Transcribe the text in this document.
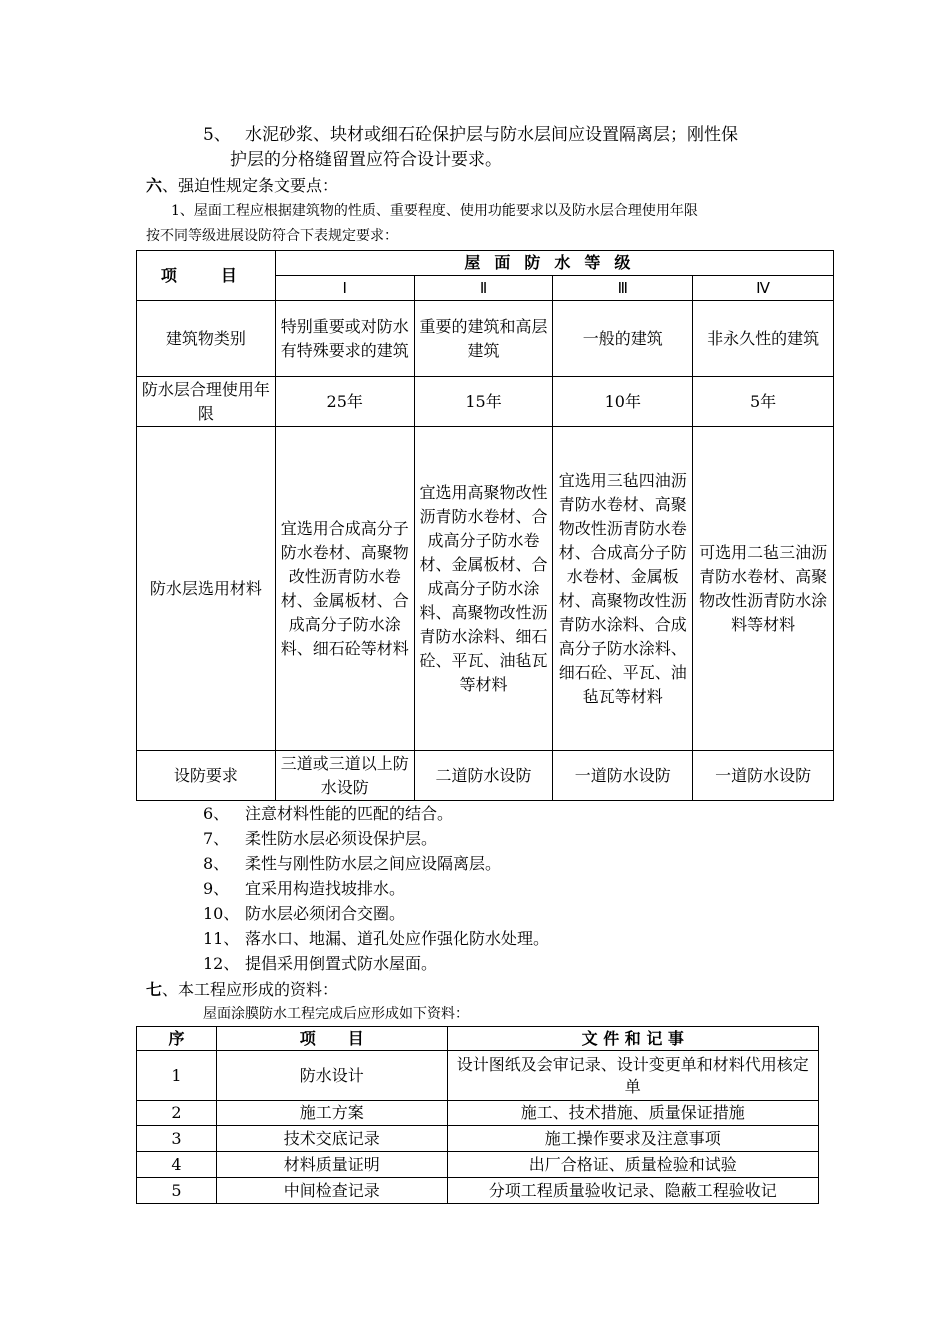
5、 水泥砂浆、块材或细石砼保护层与防水层间应设置隔离层；刚性保
护层的分格缝留置应符合设计要求。
六、强迫性规定条文要点：
1、屋面工程应根据建筑物的性质、重要程度、使用功能要求以及防水层合理使用年限
按不同等级进展设防符合下表规定要求：
项　目	屋面防水等级			
	Ⅰ	Ⅱ	Ⅲ	Ⅳ
建筑物类别	特别重要或对防水有特殊要求的建筑	重要的建筑和高层建筑	一般的建筑	非永久性的建筑
防水层合理使用年限	25年	15年	10年	5年
防水层选用材料	宜选用合成高分子防水卷材、高聚物改性沥青防水卷材、金属板材、合成高分子防水涂料、细石砼等材料	宜选用高聚物改性沥青防水卷材、合成高分子防水卷材、金属板材、合成高分子防水涂料、高聚物改性沥青防水涂料、细石砼、平瓦、油毡瓦等材料	宜选用三毡四油沥青防水卷材、高聚物改性沥青防水卷材、合成高分子防水卷材、金属板材、高聚物改性沥青防水涂料、合成高分子防水涂料、细石砼、平瓦、油毡瓦等材料	可选用二毡三油沥青防水卷材、高聚物改性沥青防水涂料等材料
设防要求	三道或三道以上防水设防	二道防水设防	一道防水设防	一道防水设防
6、 注意材料性能的匹配的结合。
7、 柔性防水层必须设保护层。
8、 柔性与刚性防水层之间应设隔离层。
9、 宜采用构造找坡排水。
10、 防水层必须闭合交圈。
11、 落水口、地漏、道孔处应作强化防水处理。
12、 提倡采用倒置式防水屋面。
七、本工程应形成的资料：
屋面涂膜防水工程完成后应形成如下资料：
序	项　　目	文 件 和 记 事
1	防水设计	设计图纸及会审记录、设计变更单和材料代用核定单
2	施工方案	施工、技术措施、质量保证措施
3	技术交底记录	施工操作要求及注意事项
4	材料质量证明	出厂合格证、质量检验和试验
5	中间检查记录	分项工程质量验收记录、隐蔽工程验收记
